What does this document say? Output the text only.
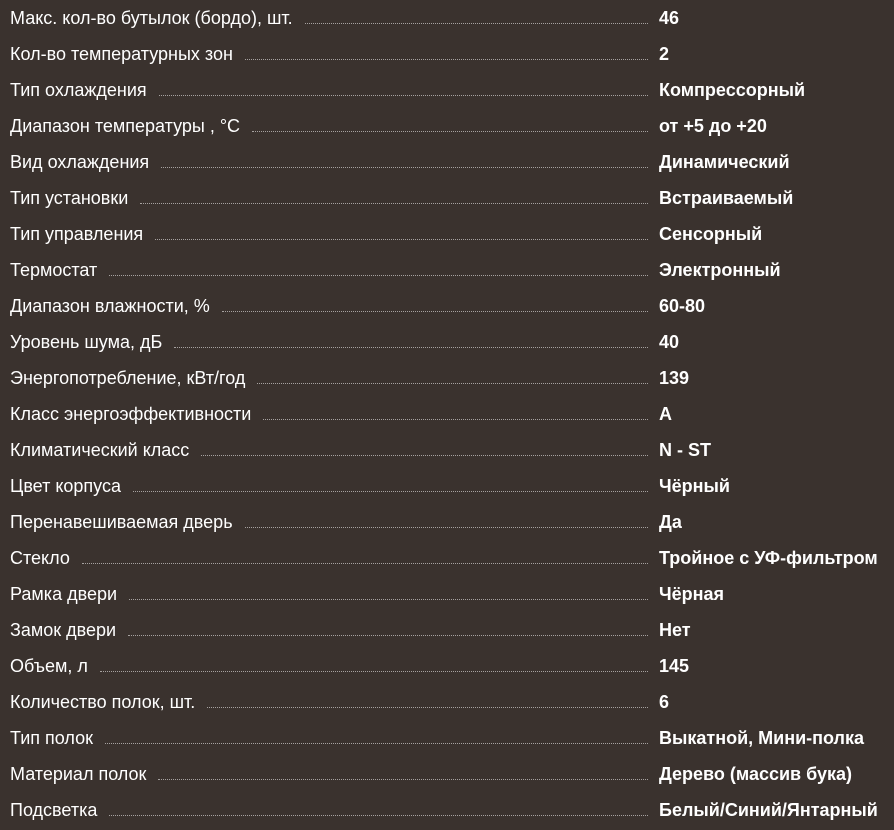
Макс. кол-во бутылок (бордо), шт.	46
Кол-во температурных зон	2
Тип охлаждения	Компрессорный
Диапазон температуры , °C	от +5 до +20
Вид охлаждения	Динамический
Тип установки	Встраиваемый
Тип управления	Сенсорный
Термостат	Электронный
Диапазон влажности, %	60-80
Уровень шума, дБ	40
Энергопотребление, кВт/год	139
Класс энергоэффективности	A
Климатический класс	N - ST
Цвет корпуса	Чёрный
Перенавешиваемая дверь	Да
Стекло	Тройное с УФ-фильтром
Рамка двери	Чёрная
Замок двери	Нет
Объем, л	145
Количество полок, шт.	6
Тип полок	Выкатной, Мини-полка
Материал полок	Дерево (массив бука)
Подсветка	Белый/Синий/Янтарный
